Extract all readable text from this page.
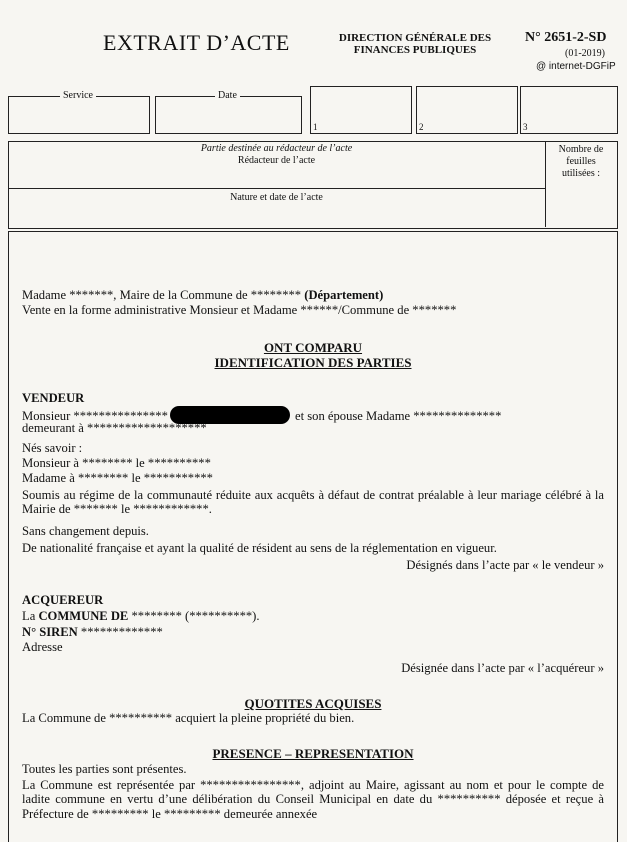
EXTRAIT D’ACTE	DIRECTION GÉNÉRALE DES FINANCES PUBLIQUES
N° 2651-2-SD
(01-2019)
@ internet-DGFiP
Service	Date
1	2	3
Partie destinée au rédacteur de l’acte
Rédacteur de l’acte
Nature et date de l’acte
Nombre de feuilles utilisées :
Madame *******, Maire de la Commune de ******** (Département)
Vente en la forme administrative Monsieur et Madame ******/Commune de *******
ONT COMPARU
IDENTIFICATION DES PARTIES
VENDEUR
Monsieur ***************	et son épouse Madame **************
demeurant à *******************
Nés savoir :
Monsieur à ******** le **********
Madame à ******** le ***********
Soumis au régime de la communauté réduite aux acquêts à défaut de contrat préalable à leur mariage célébré à la Mairie de ******* le ************.
Sans changement depuis.
De nationalité française et ayant la qualité de résident au sens de la réglementation en vigueur.
Désignés dans l’acte par « le vendeur »
ACQUEREUR
La COMMUNE DE ******** (**********).
N° SIREN *************
Adresse
Désignée dans l’acte par « l’acquéreur »
QUOTITES ACQUISES
La Commune de ********** acquiert la pleine propriété du bien.
PRESENCE – REPRESENTATION
Toutes les parties sont présentes.
La Commune est représentée par ****************, adjoint au Maire, agissant au nom et pour le compte de ladite commune en vertu d’une délibération du Conseil Municipal en date du ********** déposée et reçue à Préfecture de ********* le ********* demeurée annexée
